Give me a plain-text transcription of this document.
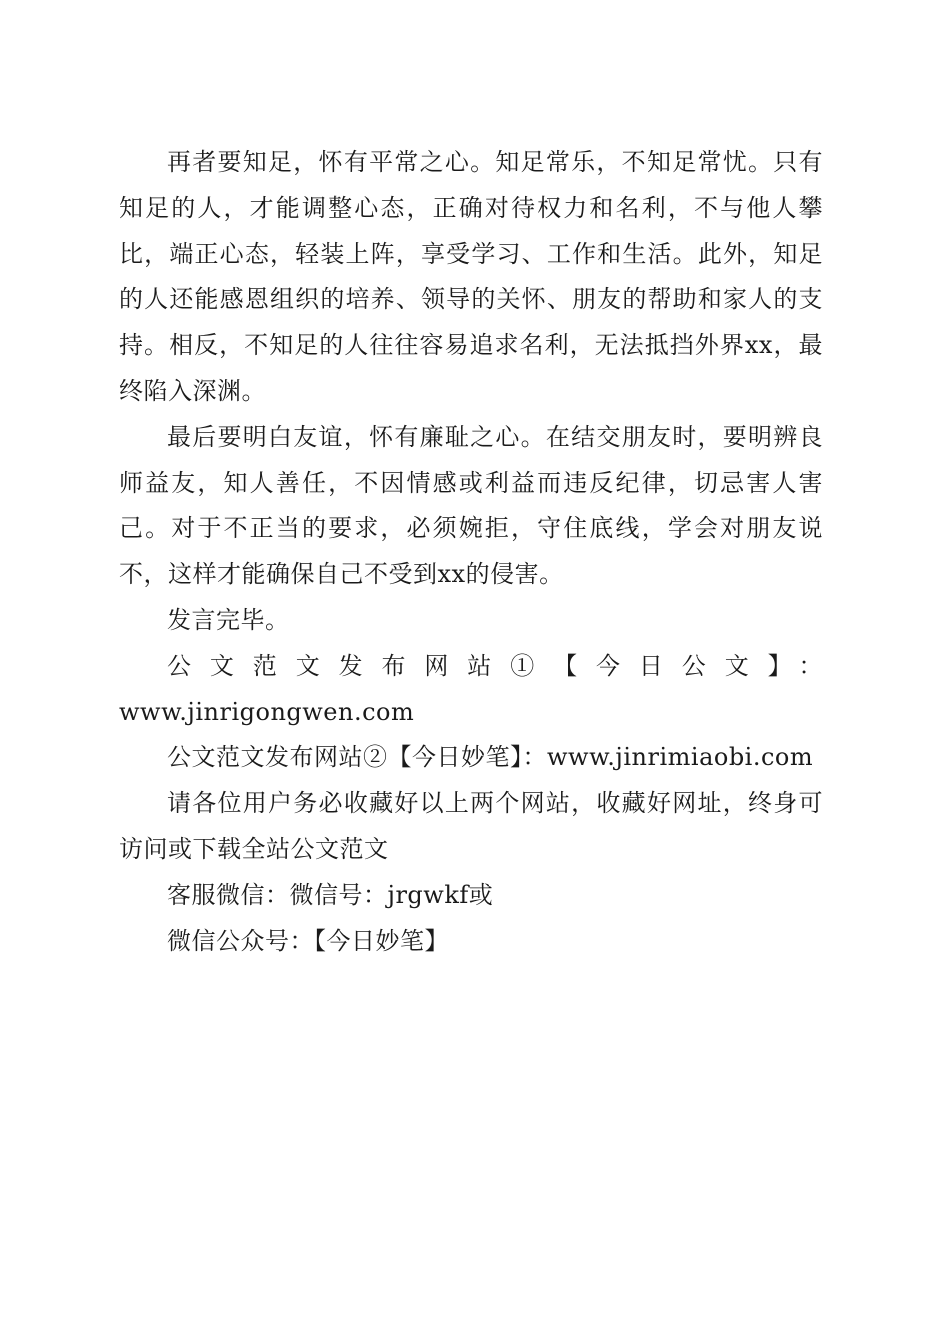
再者要知足，怀有平常之心。知足常乐，不知足常忧。只有知足的人，才能调整心态，正确对待权力和名利，不与他人攀比，端正心态，轻装上阵，享受学习、工作和生活。此外，知足的人还能感恩组织的培养、领导的关怀、朋友的帮助和家人的支持。相反，不知足的人往往容易追求名利，无法抵挡外界xx，最终陷入深渊。

最后要明白友谊，怀有廉耻之心。在结交朋友时，要明辨良师益友，知人善任，不因情感或利益而违反纪律，切忌害人害己。对于不正当的要求，必须婉拒，守住底线，学会对朋友说不，这样才能确保自己不受到xx的侵害。

发言完毕。

公文范文发布网站①【今日公文】：www.jinrigongwen.com

公文范文发布网站②【今日妙笔】：www.jinrimiaobi.com

请各位用户务必收藏好以上两个网站，收藏好网址，终身可访问或下载全站公文范文

客服微信：微信号：jrgwkf或

微信公众号：【今日妙笔】
